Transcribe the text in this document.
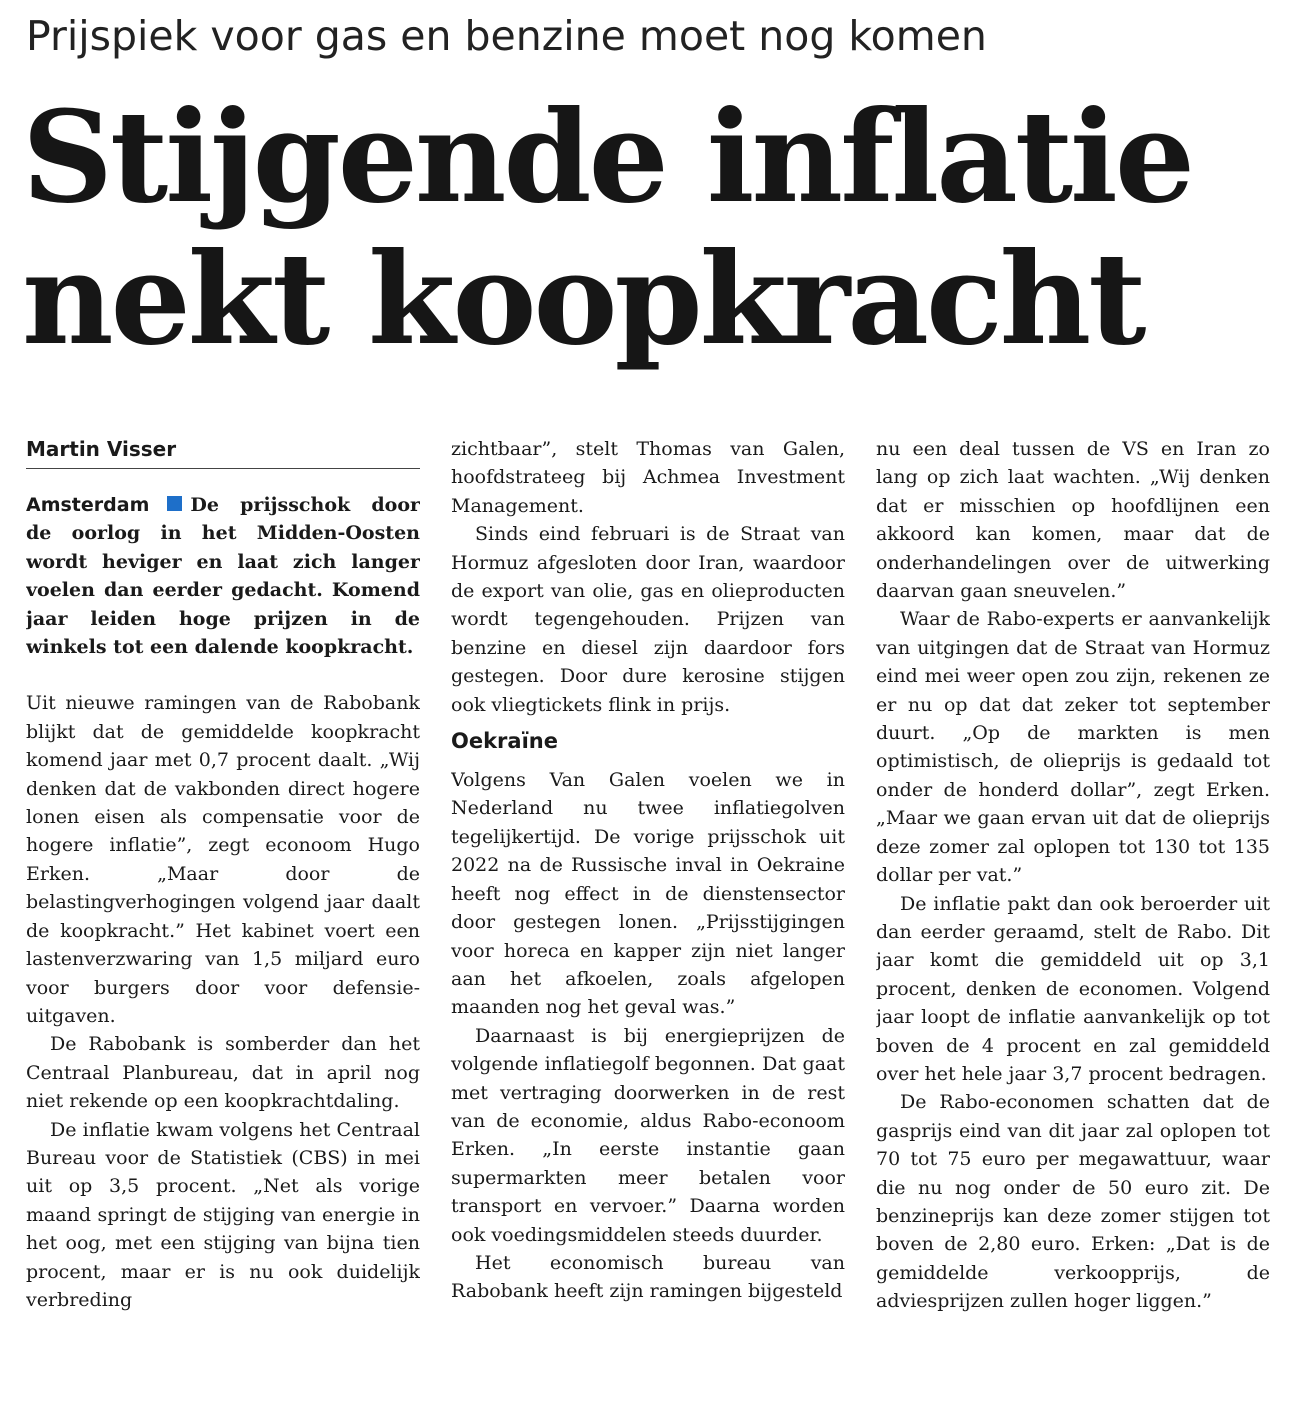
Prijspiek voor gas en benzine moet nog komen
Stijgende inflatie
nekt koopkracht
Martin Visser

Amsterdam De prijsschok door de oorlog in het Midden-Oosten wordt heviger en laat zich langer voelen dan eerder gedacht. Komend jaar leiden hoge prijzen in de winkels tot een dalende koopkracht.

Uit nieuwe ramingen van de Rabobank blijkt dat de gemiddelde koopkracht komend jaar met 0,7 procent daalt. „Wij denken dat de vakbonden direct hogere lonen eisen als compensatie voor de hogere inflatie”, zegt econoom Hugo Erken. „Maar door de belastingverhogingen volgend jaar daalt de koopkracht.” Het kabinet voert een lastenverzwaring van 1,5 miljard euro voor burgers door voor defensie-uitgaven.

De Rabobank is somberder dan het Centraal Planbureau, dat in april nog niet rekende op een koopkrachtdaling.

De inflatie kwam volgens het Centraal Bureau voor de Statistiek (CBS) in mei uit op 3,5 procent. „Net als vorige maand springt de stijging van energie in het oog, met een stijging van bijna tien procent, maar er is nu ook duidelijk verbreding

zichtbaar”, stelt Thomas van Galen, hoofdstrateeg bij Achmea Investment Management.

Sinds eind februari is de Straat van Hormuz afgesloten door Iran, waardoor de export van olie, gas en olieproducten wordt tegengehouden. Prijzen van benzine en diesel zijn daardoor fors gestegen. Door dure kerosine stijgen ook vliegtickets flink in prijs.

Oekraïne

Volgens Van Galen voelen we in Nederland nu twee inflatiegolven tegelijkertijd. De vorige prijsschok uit 2022 na de Russische inval in Oekraine heeft nog effect in de dienstensector door gestegen lonen. „Prijsstijgingen voor horeca en kapper zijn niet langer aan het afkoelen, zoals afgelopen maanden nog het geval was.”

Daarnaast is bij energieprijzen de volgende inflatiegolf begonnen. Dat gaat met vertraging doorwerken in de rest van de economie, aldus Rabo-econoom Erken. „In eerste instantie gaan supermarkten meer betalen voor transport en vervoer.” Daarna worden ook voedingsmiddelen steeds duurder.

Het economisch bureau van Rabobank heeft zijn ramingen bijgesteld

nu een deal tussen de VS en Iran zo lang op zich laat wachten. „Wij denken dat er misschien op hoofdlijnen een akkoord kan komen, maar dat de onderhandelingen over de uitwerking daarvan gaan sneuvelen.”

Waar de Rabo-experts er aanvankelijk van uitgingen dat de Straat van Hormuz eind mei weer open zou zijn, rekenen ze er nu op dat dat zeker tot september duurt. „Op de markten is men optimistisch, de olieprijs is gedaald tot onder de honderd dollar”, zegt Erken. „Maar we gaan ervan uit dat de olieprijs deze zomer zal oplopen tot 130 tot 135 dollar per vat.”

De inflatie pakt dan ook beroerder uit dan eerder geraamd, stelt de Rabo. Dit jaar komt die gemiddeld uit op 3,1 procent, denken de economen. Volgend jaar loopt de inflatie aanvankelijk op tot boven de 4 procent en zal gemiddeld over het hele jaar 3,7 procent bedragen.

De Rabo-economen schatten dat de gasprijs eind van dit jaar zal oplopen tot 70 tot 75 euro per megawattuur, waar die nu nog onder de 50 euro zit. De benzineprijs kan deze zomer stijgen tot boven de 2,80 euro. Erken: „Dat is de gemiddelde verkoopprijs, de adviesprijzen zullen hoger liggen.”
